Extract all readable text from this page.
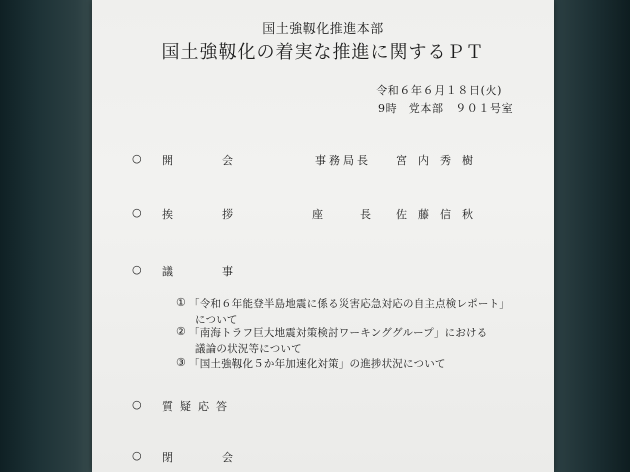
国土強靱化推進本部
国土強靱化の着実な推進に関するＰＴ
令和６年６月１８日(火)
9時　党本部　９０１号室
○ 開	会	事 務 局 長	宮 内 秀 樹
○ 挨	拶	座	長 佐 藤 信 秋
○ 議	事
① 「令和６年能登半島地震に係る災害応急対応の自主点検レポート」
について
② 「南海トラフ巨大地震対策検討ワーキンググループ」における
議論の状況等について
③ 「国土強靱化５か年加速化対策」の進捗状況について
○ 質 疑 応 答
○ 閉	会
